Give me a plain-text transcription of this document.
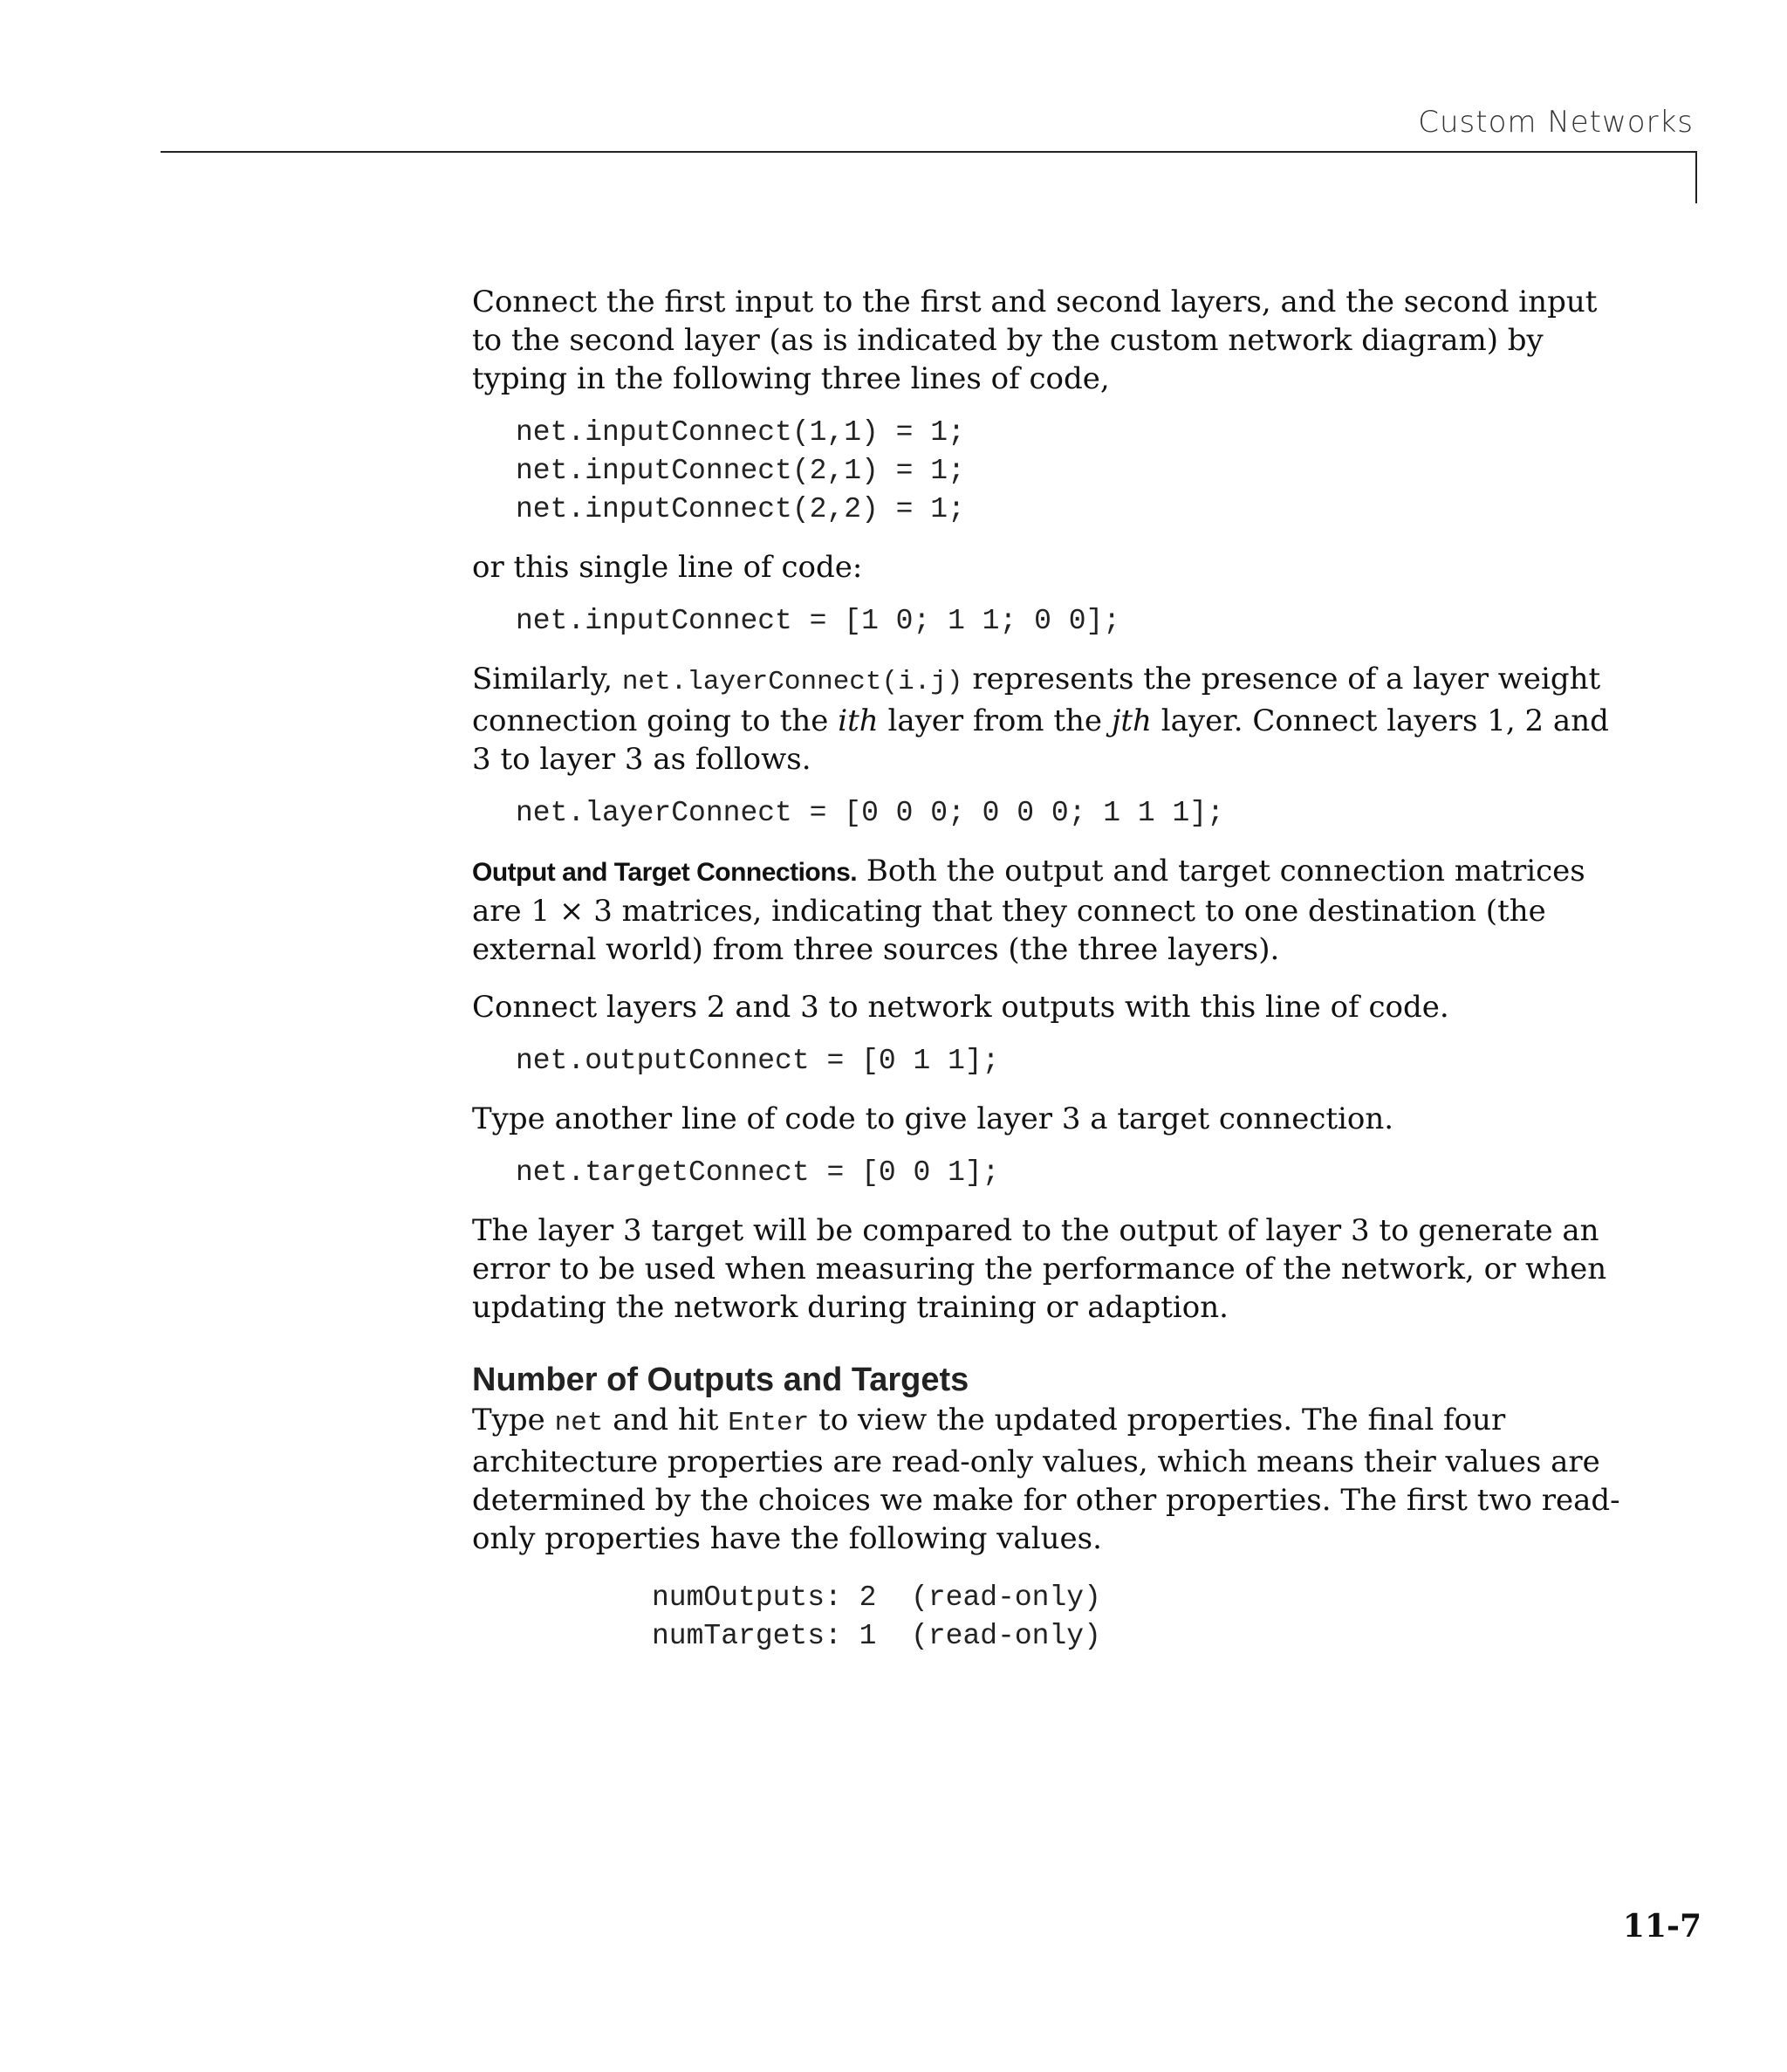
Custom Networks

Connect the first input to the first and second layers, and the second input to the second layer (as is indicated by the custom network diagram) by typing in the following three lines of code,

net.inputConnect(1,1) = 1;
net.inputConnect(2,1) = 1;
net.inputConnect(2,2) = 1;

or this single line of code:

net.inputConnect = [1 0; 1 1; 0 0];

Similarly, net.layerConnect(i.j) represents the presence of a layer weight connection going to the ith layer from the jth layer. Connect layers 1, 2 and 3 to layer 3 as follows.

net.layerConnect = [0 0 0; 0 0 0; 1 1 1];

Output and Target Connections. Both the output and target connection matrices are 1 × 3 matrices, indicating that they connect to one destination (the external world) from three sources (the three layers).

Connect layers 2 and 3 to network outputs with this line of code.

net.outputConnect = [0 1 1];

Type another line of code to give layer 3 a target connection.

net.targetConnect = [0 0 1];

The layer 3 target will be compared to the output of layer 3 to generate an error to be used when measuring the performance of the network, or when updating the network during training or adaption.

Number of Outputs and Targets

Type net and hit Enter to view the updated properties. The final four architecture properties are read-only values, which means their values are determined by the choices we make for other properties. The first two read-only properties have the following values.

numOutputs: 2  (read-only)
numTargets: 1  (read-only)

11-7
